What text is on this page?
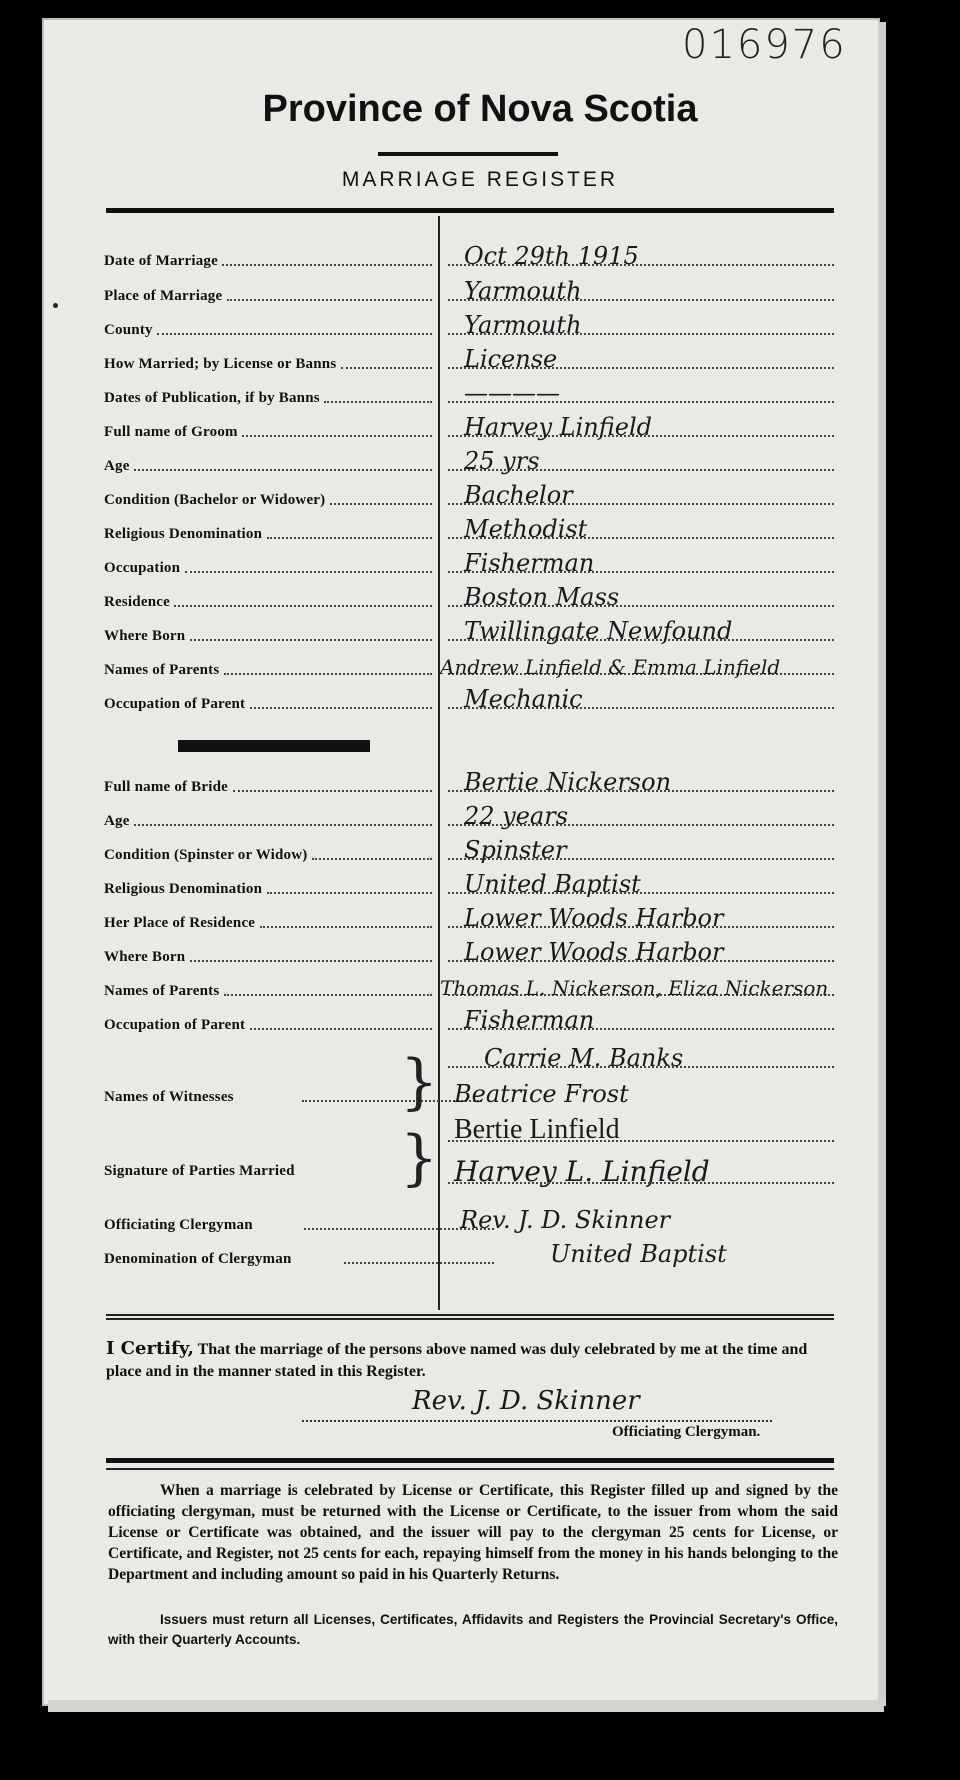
016976
Province of Nova Scotia
MARRIAGE REGISTER
Date of Marriage	Oct 29th 1915
Place of Marriage	Yarmouth
County	Yarmouth
How Married; by License or Banns	License
Dates of Publication, if by Banns	————
Full name of Groom	Harvey Linfield
Age	25 yrs
Condition (Bachelor or Widower)	Bachelor
Religious Denomination	Methodist
Occupation	Fisherman
Residence	Boston Mass
Where Born	Twillingate Newfound
Names of Parents	Andrew Linfield & Emma Linfield
Occupation of Parent	Mechanic
Full name of Bride	Bertie Nickerson
Age	22 years
Condition (Spinster or Widow)	Spinster
Religious Denomination	United Baptist
Her Place of Residence	Lower Woods Harbor
Where Born	Lower Woods Harbor
Names of Parents	Thomas L. Nickerson, Eliza Nickerson
Occupation of Parent	Fisherman
Names of Witnesses	} Carrie M. Banks
Beatrice Frost
Signature of Parties Married } Bertie Linfield
Harvey L. Linfield
Officiating Clergyman	Rev. J. D. Skinner
Denomination of Clergyman	United Baptist
I Certify, That the marriage of the persons above named was duly celebrated by me at the time and place and in the manner stated in this Register.
Rev. J. D. Skinner
Officiating Clergyman.
When a marriage is celebrated by License or Certificate, this Register filled up and signed by the officiating clergyman, must be returned with the License or Certificate, to the issuer from whom the said License or Certificate was obtained, and the issuer will pay to the clergyman 25 cents for License, or Certificate, and Register, not 25 cents for each, repaying himself from the money in his hands belonging to the Department and including amount so paid in his Quarterly Returns.
Issuers must return all Licenses, Certificates, Affidavits and Registers the Provincial Secretary's Office, with their Quarterly Accounts.
